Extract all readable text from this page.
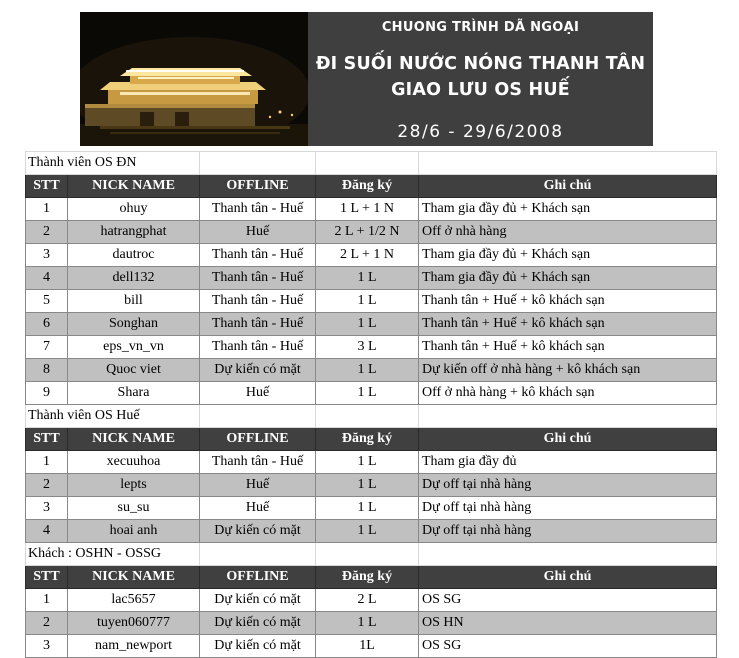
CHUONG TRÌNH DÃ NGOẠI
ĐI SUỐI NƯỚC NÓNG THANH TÂN
GIAO LƯU OS HUẾ
28/6 - 29/6/2008
Thành viên OS ĐN				
STT	NICK NAME	OFFLINE	Đăng ký	Ghi chú
1	ohuy	Thanh tân - Huế	1 L + 1 N	Tham gia đầy đủ + Khách sạn
2	hatrangphat	Huế	2 L + 1/2 N	Off ở nhà hàng
3	dautroc	Thanh tân - Huế	2 L + 1 N	Tham gia đầy đủ + Khách sạn
4	dell132	Thanh tân - Huế	1 L	Tham gia đầy đủ + Khách sạn
5	bill	Thanh tân - Huế	1 L	Thanh tân + Huế + kô khách sạn
6	Songhan	Thanh tân - Huế	1 L	Thanh tân + Huế + kô khách sạn
7	eps_vn_vn	Thanh tân - Huế	3 L	Thanh tân + Huế + kô khách sạn
8	Quoc viet	Dự kiến có mặt	1 L	Dự kiến off ở nhà hàng + kô khách sạn
9	Shara	Huế	1 L	Off ở nhà hàng + kô khách sạn
Thành viên OS Huế				
STT	NICK NAME	OFFLINE	Đăng ký	Ghi chú
1	xecuuhoa	Thanh tân - Huế	1 L	Tham gia đầy đủ
2	lepts	Huế	1 L	Dự off tại nhà hàng
3	su_su	Huế	1 L	Dự off tại nhà hàng
4	hoai anh	Dự kiến có mặt	1 L	Dự off tại nhà hàng
Khách : OSHN - OSSG				
STT	NICK NAME	OFFLINE	Đăng ký	Ghi chú
1	lac5657	Dự kiến có mặt	2 L	OS SG
2	tuyen060777	Dự kiến có mặt	1 L	OS HN
3	nam_newport	Dự kiến có mặt	1L	OS SG
